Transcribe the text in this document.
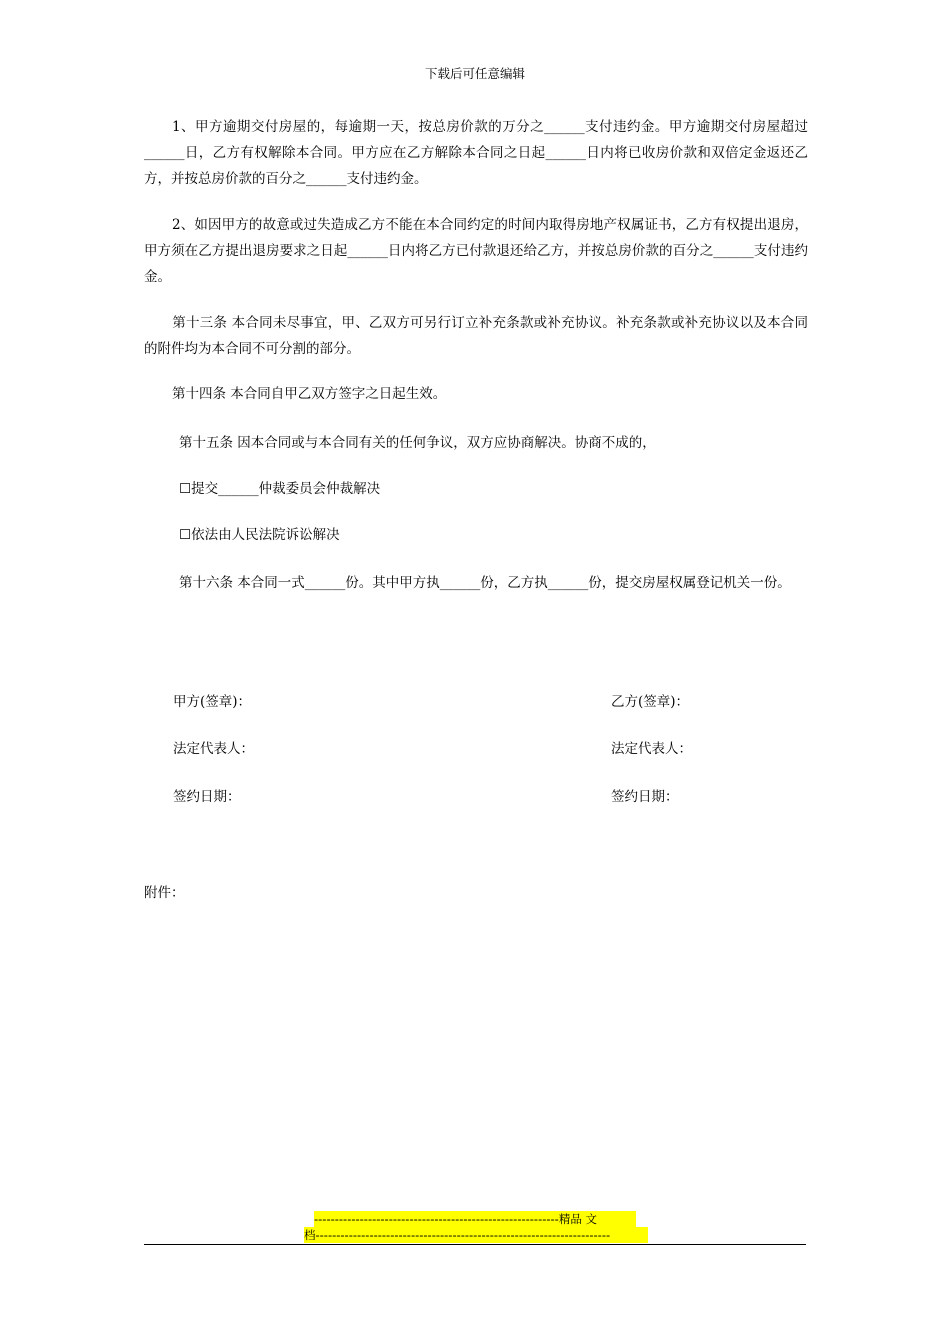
下载后可任意编辑

1、甲方逾期交付房屋的，每逾期一天，按总房价款的万分之______支付违约金。甲方逾期交付房屋超过______日，乙方有权解除本合同。甲方应在乙方解除本合同之日起______日内将已收房价款和双倍定金返还乙方，并按总房价款的百分之______支付违约金。

2、如因甲方的故意或过失造成乙方不能在本合同约定的时间内取得房地产权属证书，乙方有权提出退房，甲方须在乙方提出退房要求之日起______日内将乙方已付款退还给乙方，并按总房价款的百分之______支付违约金。

第十三条 本合同未尽事宜，甲、乙双方可另行订立补充条款或补充协议。补充条款或补充协议以及本合同的附件均为本合同不可分割的部分。

第十四条 本合同自甲乙双方签字之日起生效。

第十五条 因本合同或与本合同有关的任何争议，双方应协商解决。协商不成的，

☐提交______仲裁委员会仲裁解决

☐依法由人民法院诉讼解决

第十六条 本合同一式______份。其中甲方执______份，乙方执______份，提交房屋权属登记机关一份。

甲方(签章)：
法定代表人：
签约日期：
乙方(签章)：
法定代表人：
签约日期：
附件：
-----------------------------------------------------------精品 文
档-----------------------------------------------------------------------
